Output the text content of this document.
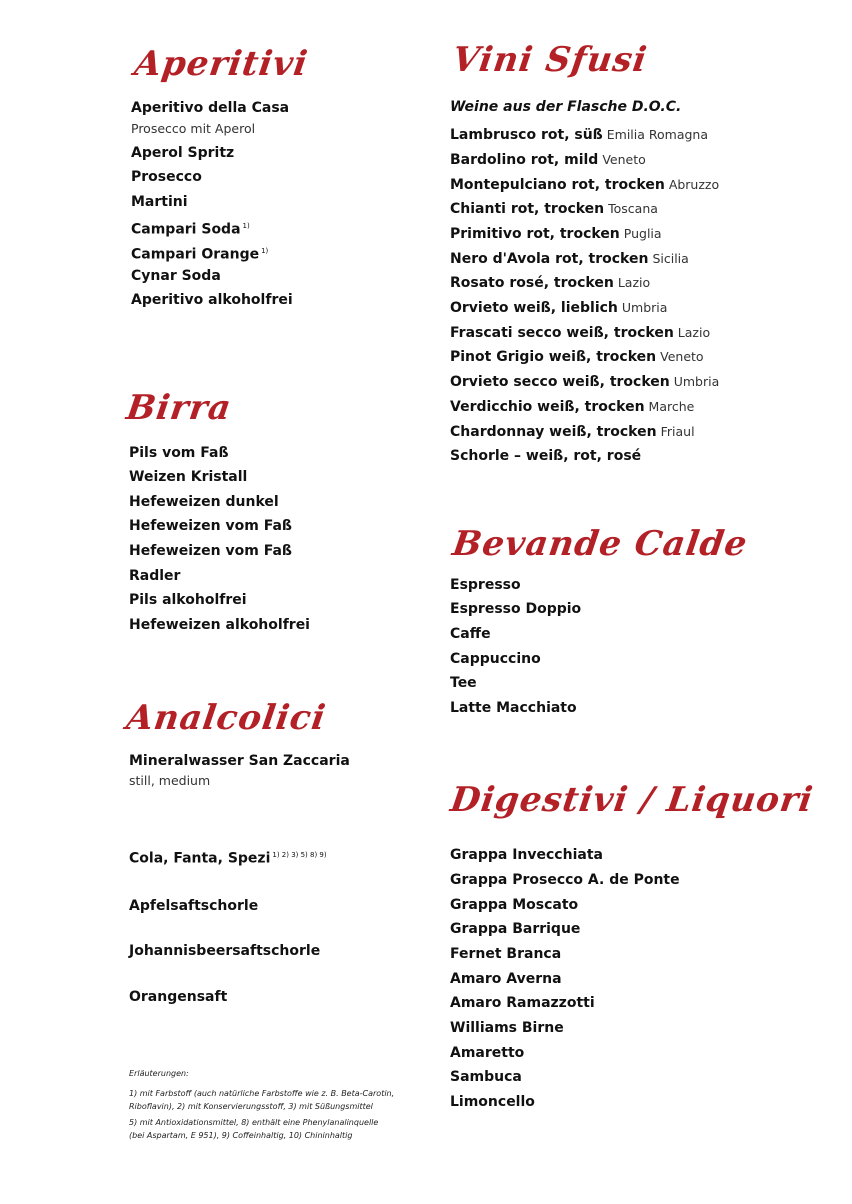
Aperitivi
Aperitivo della Casa
Prosecco mit Aperol
Aperol Spritz
Prosecco
Martini
Campari Soda $^{1)}$
Campari Orange $^{1)}$
Cynar Soda
Aperitivo alkoholfrei
Birra
Pils vom Faß
Weizen Kristall
Hefeweizen dunkel
Hefeweizen vom Faß
Hefeweizen vom Faß
Radler
Pils alkoholfrei
Hefeweizen alkoholfrei
Analcolici
Mineralwasser San Zaccaria
still, medium
Cola, Fanta, Spezi $^{1) 2) 3) 5) 8) 9)}$
Apfelsaftschorle
Johannisbeersaftschorle
Orangensaft
Erläuterungen:
1) mit Farbstoff (auch natürliche Farbstoffe wie z. B. Beta-Carotin,
Riboflavin), 2) mit Konservierungsstoff, 3) mit Süßungsmittel
5) mit Antioxidationsmittel, 8) enthält eine Phenylanalinquelle
(bei Aspartam, E 951), 9) Coffeinhaltig, 10) Chininhaltig
Vini Sfusi
Weine aus der Flasche D.O.C.
Lambrusco rot, süß Emilia Romagna
Bardolino rot, mild Veneto
Montepulciano rot, trocken Abruzzo
Chianti rot, trocken Toscana
Primitivo rot, trocken Puglia
Nero d'Avola rot, trocken Sicilia
Rosato rosé, trocken Lazio
Orvieto weiß, lieblich Umbria
Frascati secco weiß, trocken Lazio
Pinot Grigio weiß, trocken Veneto
Orvieto secco weiß, trocken Umbria
Verdicchio weiß, trocken Marche
Chardonnay weiß, trocken Friaul
Schorle – weiß, rot, rosé
Bevande Calde
Espresso
Espresso Doppio
Caffe
Cappuccino
Tee
Latte Macchiato
Digestivi / Liquori
Grappa Invecchiata
Grappa Prosecco A. de Ponte
Grappa Moscato
Grappa Barrique
Fernet Branca
Amaro Averna
Amaro Ramazzotti
Williams Birne
Amaretto
Sambuca
Limoncello
